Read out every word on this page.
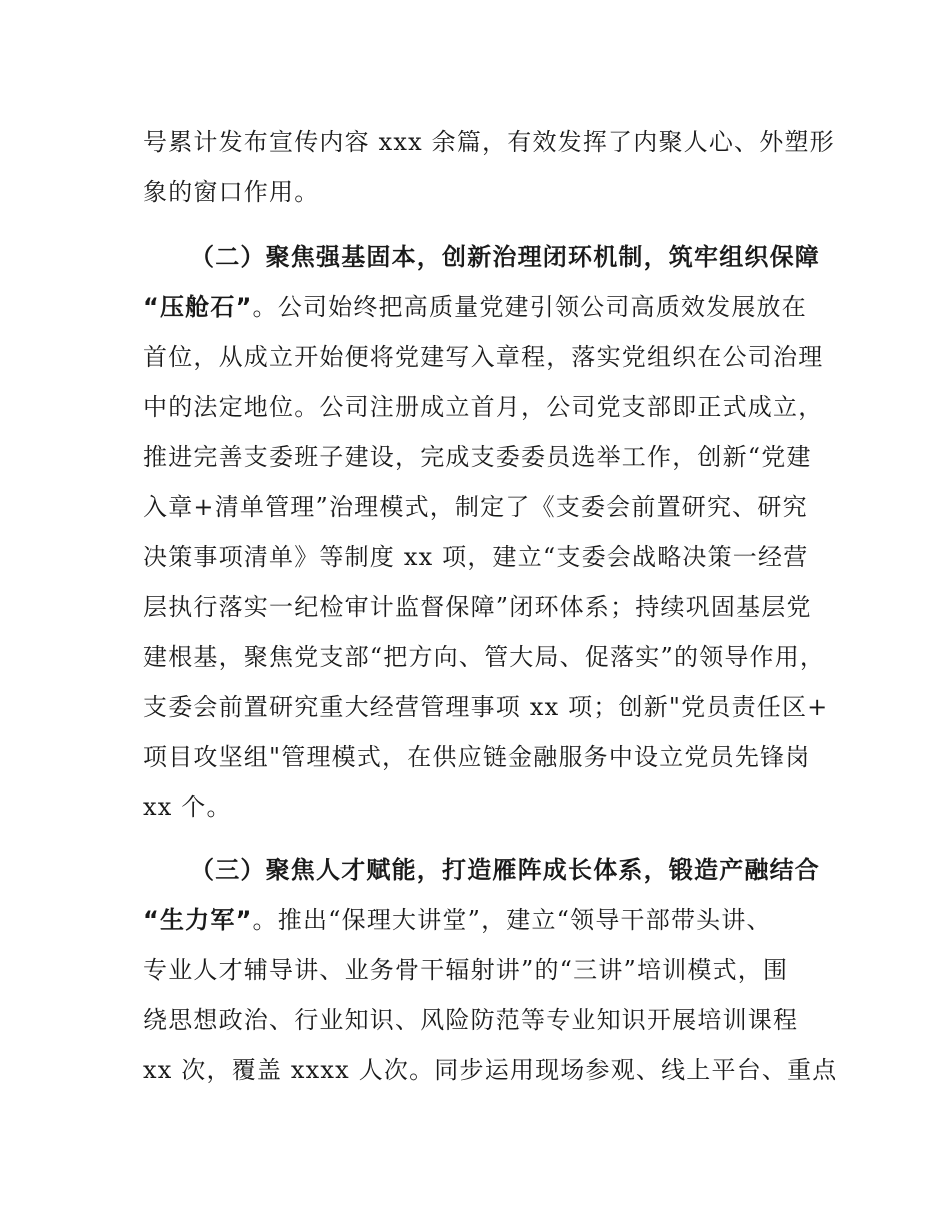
号累计发布宣传内容 xxx 余篇，有效发挥了内聚人心、外塑形
象的窗口作用。
（二）聚焦强基固本，创新治理闭环机制，筑牢组织保障
“压舱石”。公司始终把高质量党建引领公司高质效发展放在
首位，从成立开始便将党建写入章程，落实党组织在公司治理
中的法定地位。公司注册成立首月，公司党支部即正式成立，
推进完善支委班子建设，完成支委委员选举工作，创新“党建
入章+清单管理”治理模式，制定了《支委会前置研究、研究
决策事项清单》等制度 xx 项，建立“支委会战略决策一经营
层执行落实一纪检审计监督保障”闭环体系；持续巩固基层党
建根基，聚焦党支部“把方向、管大局、促落实”的领导作用，
支委会前置研究重大经营管理事项 xx 项；创新"党员责任区+
项目攻坚组"管理模式，在供应链金融服务中设立党员先锋岗
xx 个。
（三）聚焦人才赋能，打造雁阵成长体系，锻造产融结合
“生力军”。推出“保理大讲堂”，建立“领导干部带头讲、
专业人才辅导讲、业务骨干辐射讲”的“三讲”培训模式，围
绕思想政治、行业知识、风险防范等专业知识开展培训课程
xx 次，覆盖 xxxx 人次。同步运用现场参观、线上平台、重点
